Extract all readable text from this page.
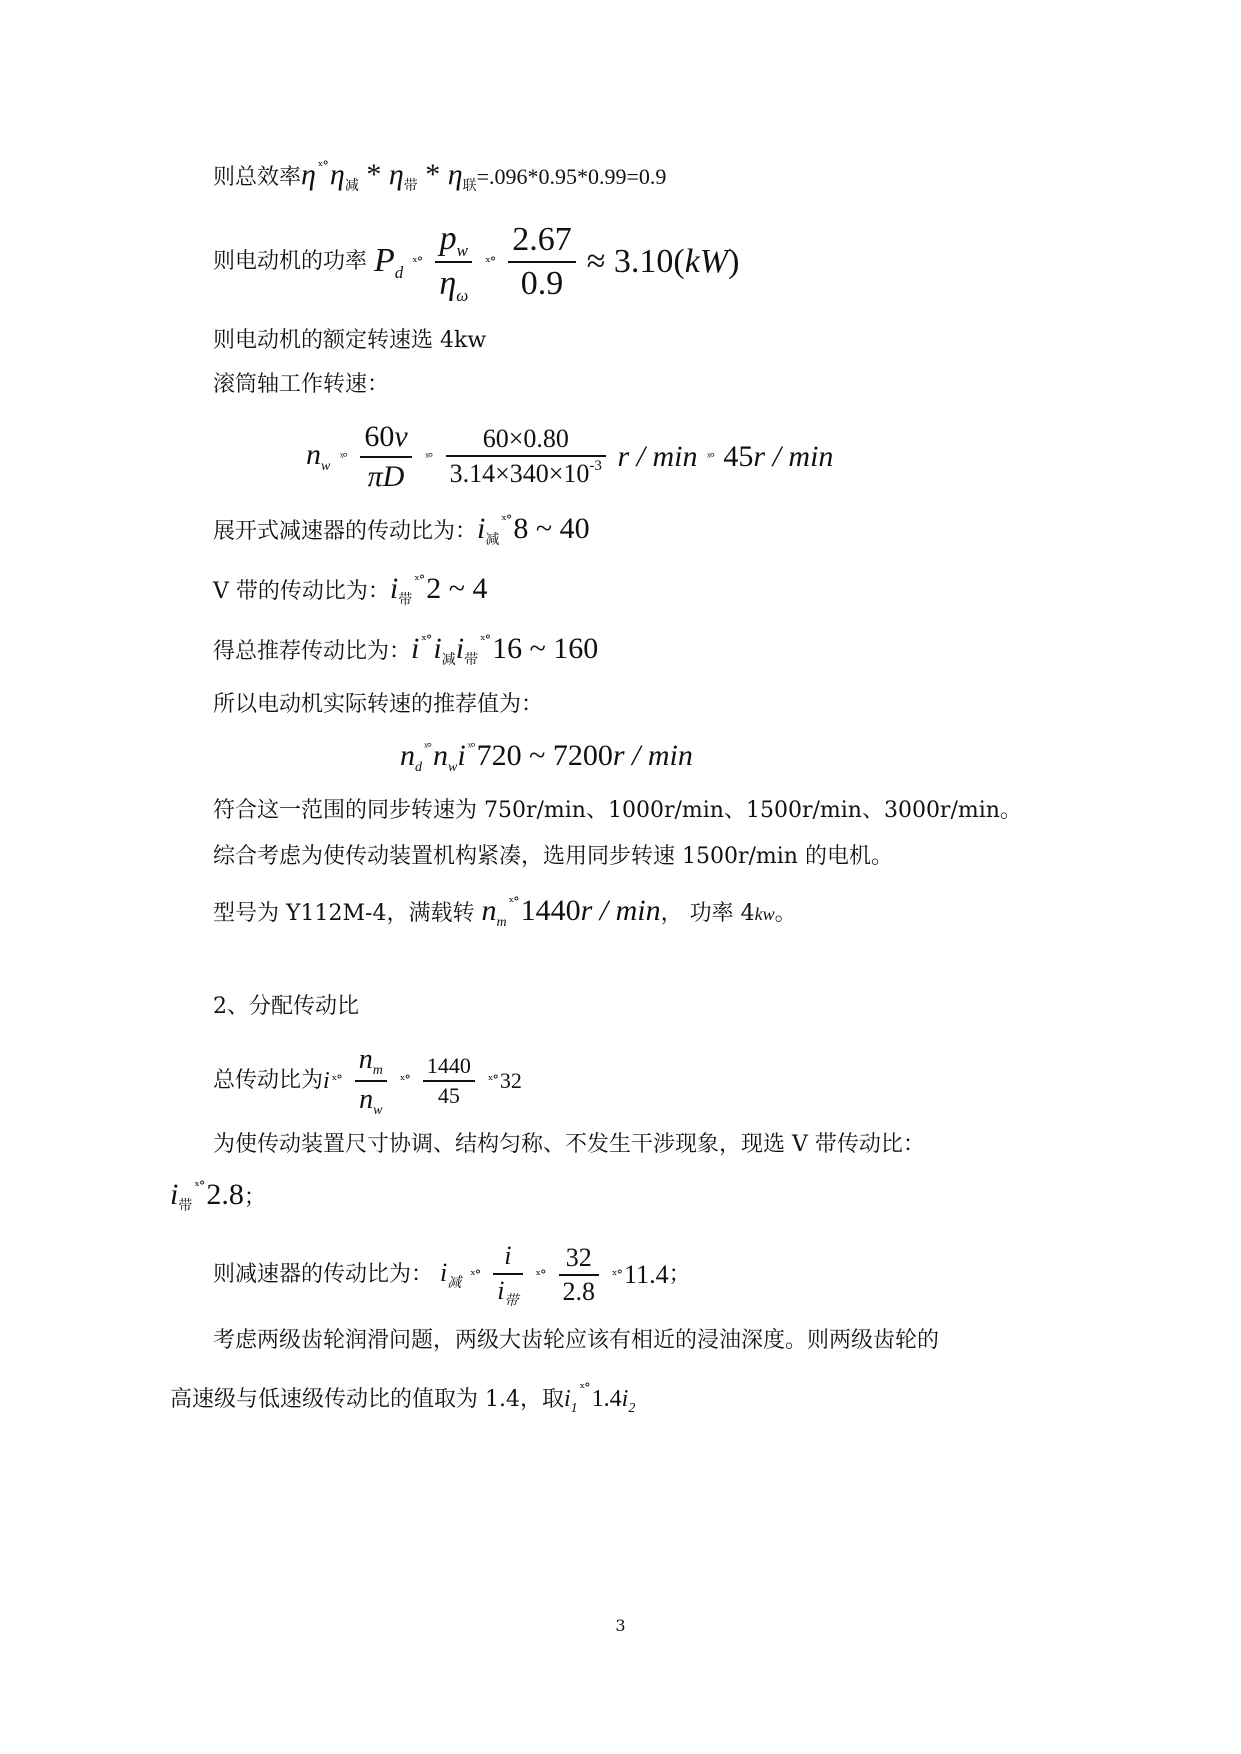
则总效率η $^{ˣ^\circ}\eta_减 * \eta_带 * \eta_联=.096*0.95*0.99=0.9$
则电动机的功率 $P_d$ ˣ° $\frac{p_w}{\eta_\omega}$ ˣ° $\frac{2.67}{0.9} \approx 3.10(kW)$
则电动机的额定转速选 4kw
滚筒轴工作转速：
$n_w$ ˣ° $\frac{60v}{\pi D}$ ˣ° $\frac{60\times 0.80}{3.14\times 340\times 10^{-3}}$ r / min ˣ° 45r / min
展开式减速器的传动比为：$i_减^{ˣ^\circ}8$ ~ 40
V 带的传动比为：$i_带^{ˣ^\circ}2$ ~ 4
得总推荐传动比为：i $^{ˣ^\circ}i_减i_带^{ˣ^\circ}16$ ~ 160
所以电动机实际转速的推荐值为：
$n_d^{ˣ^\circ}n_wi$ $^{ˣ^\circ}$720 ~ 7200r / min
符合这一范围的同步转速为 750r/min、1000r/min、1500r/min、3000r/min。
综合考虑为使传动装置机构紧凑，选用同步转速 1500r/min 的电机。
型号为 Y112M-4，满载转 $n_m^{ˣ^\circ}1440r$ / min， 功率 4kw。
2、分配传动比
总传动比为i ˣ° $\frac{n_m}{n_w}$ ˣ° $\frac{1440}{45}$ ˣ°32
为使传动装置尺寸协调、结构匀称、不发生干涉现象，现选 V 带传动比：
$i_带^{ˣ^\circ}2.8$；
则减速器的传动比为： $i_减$ ˣ° $\frac{i}{i_带}$ ˣ° $\frac{32}{2.8}$ ˣ°11.4；
考虑两级齿轮润滑问题，两级大齿轮应该有相近的浸油深度。则两级齿轮的
高速级与低速级传动比的值取为 1.4，取$i_1^{ˣ^\circ}1.4i_2$
3
